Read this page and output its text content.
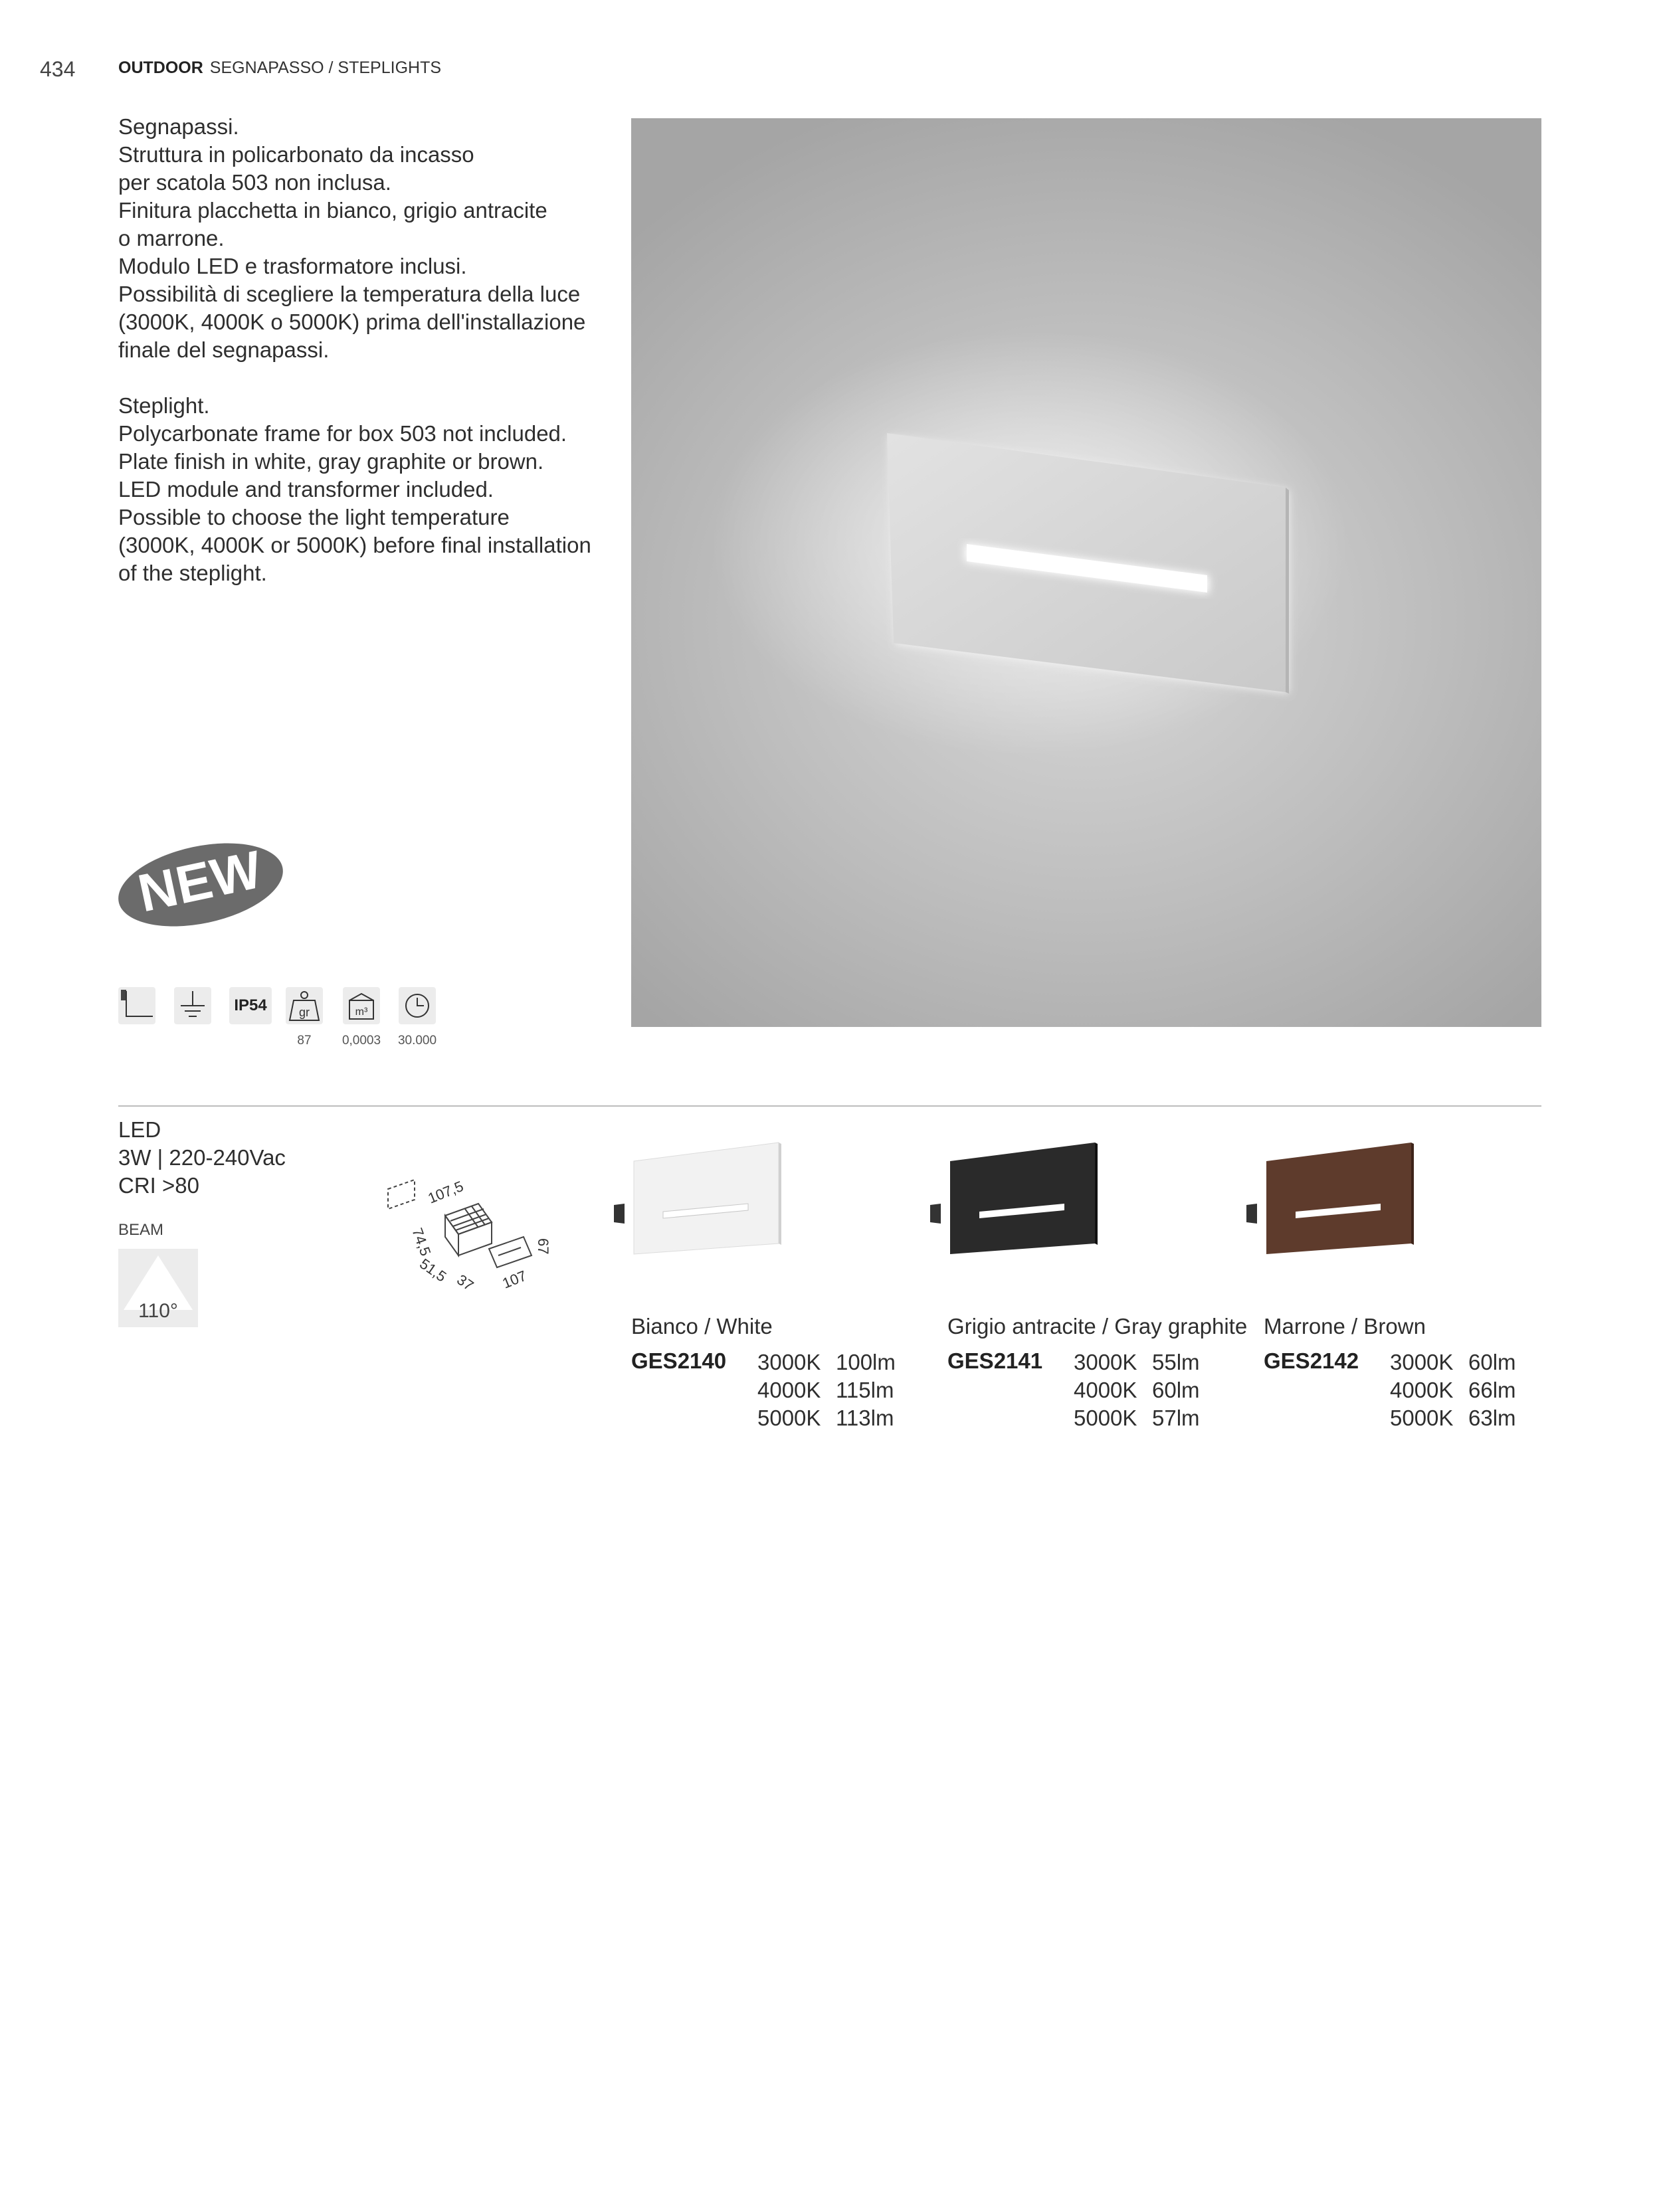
434	OUTDOOR SEGNAPASSO / STEPLIGHTS
Segnapassi.
Struttura in policarbonato da incasso
per scatola 503 non inclusa.
Finitura placchetta in bianco, grigio antracite
o marrone.
Modulo LED e trasformatore inclusi.
Possibilità di scegliere la temperatura della luce
(3000K, 4000K o 5000K) prima dell'installazione
finale del segnapassi.
Steplight.
Polycarbonate frame for box 503 not included.
Plate finish in white, gray graphite or brown.
LED module and transformer included.
Possible to choose the light temperature
(3000K, 4000K or 5000K) before final installation
of the steplight.
NEW
IP54	gr	m³
87	0,0003	30.000
LED
3W | 220-240Vac
CRI >80
BEAM
110°
107,5
74,5
51,5 37 107
67
Bianco / White
GES2140 3000K 100lm
4000K 115lm
5000K 113lm
Grigio antracite / Gray graphite
GES2141 3000K 55lm
4000K 60lm
5000K 57lm
Marrone / Brown
GES2142 3000K 60lm
4000K 66lm
5000K 63lm
